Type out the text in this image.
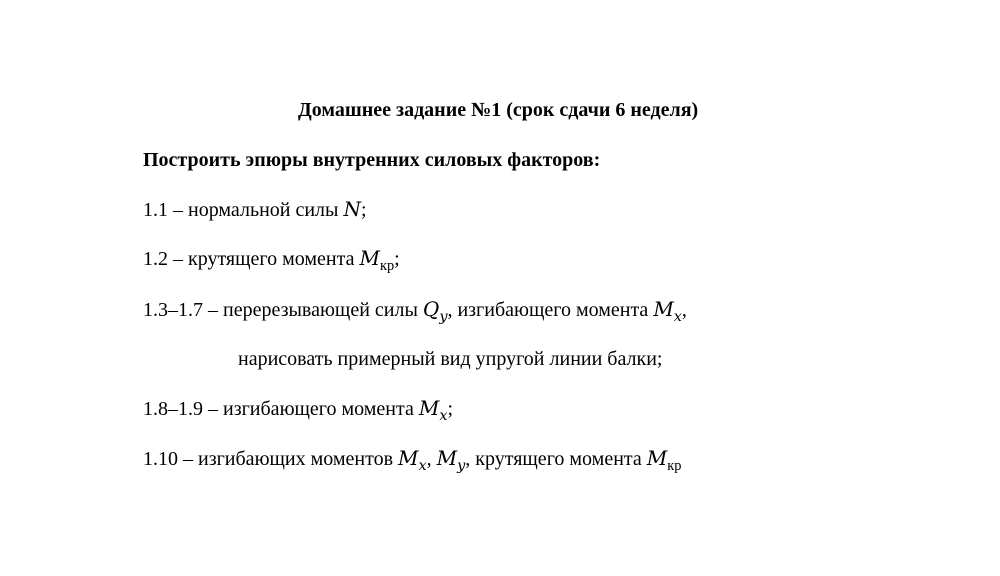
Домашнее задание №1 (срок сдачи 6 неделя)
Построить эпюры внутренних силовых факторов:
1.1 – нормальной силы N;
1.2 – крутящего момента $M_{кр}$;
1.3–1.7 – перерезывающей силы $Q_y$, изгибающего момента $M_x$,
нарисовать примерный вид упругой линии балки;
1.8–1.9 – изгибающего момента $M_x$;
1.10 – изгибающих моментов $M_x$, $M_y$, крутящего момента $M_{кр}$
